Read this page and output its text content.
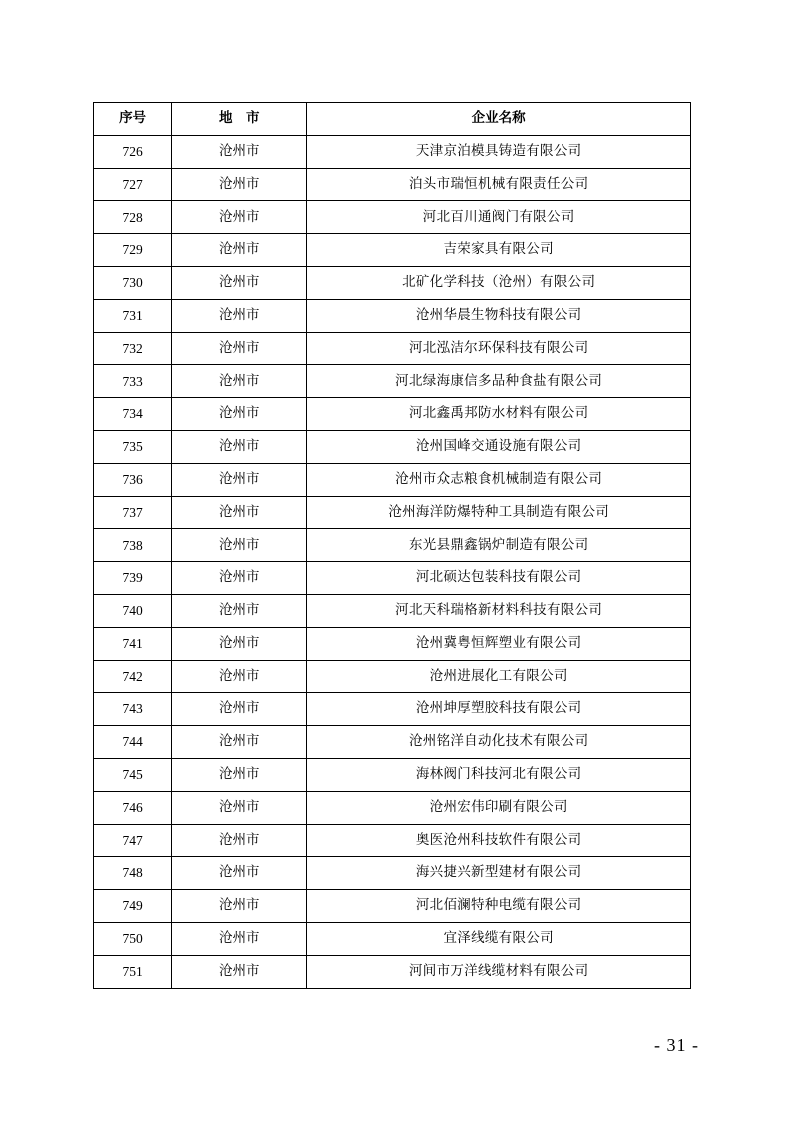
序号	地　市	企业名称
726	沧州市	天津京泊模具铸造有限公司
727	沧州市	泊头市瑞恒机械有限责任公司
728	沧州市	河北百川通阀门有限公司
729	沧州市	吉荣家具有限公司
730	沧州市	北矿化学科技（沧州）有限公司
731	沧州市	沧州华晨生物科技有限公司
732	沧州市	河北泓洁尔环保科技有限公司
733	沧州市	河北绿海康信多品种食盐有限公司
734	沧州市	河北鑫禹邦防水材料有限公司
735	沧州市	沧州国峰交通设施有限公司
736	沧州市	沧州市众志粮食机械制造有限公司
737	沧州市	沧州海洋防爆特种工具制造有限公司
738	沧州市	东光县鼎鑫锅炉制造有限公司
739	沧州市	河北硕达包装科技有限公司
740	沧州市	河北天科瑞格新材料科技有限公司
741	沧州市	沧州冀粤恒辉塑业有限公司
742	沧州市	沧州进展化工有限公司
743	沧州市	沧州坤厚塑胶科技有限公司
744	沧州市	沧州铭洋自动化技术有限公司
745	沧州市	海林阀门科技河北有限公司
746	沧州市	沧州宏伟印刷有限公司
747	沧州市	奥医沧州科技软件有限公司
748	沧州市	海兴捷兴新型建材有限公司
749	沧州市	河北佰澜特种电缆有限公司
750	沧州市	宜泽线缆有限公司
751	沧州市	河间市万洋线缆材料有限公司
- 31 -
